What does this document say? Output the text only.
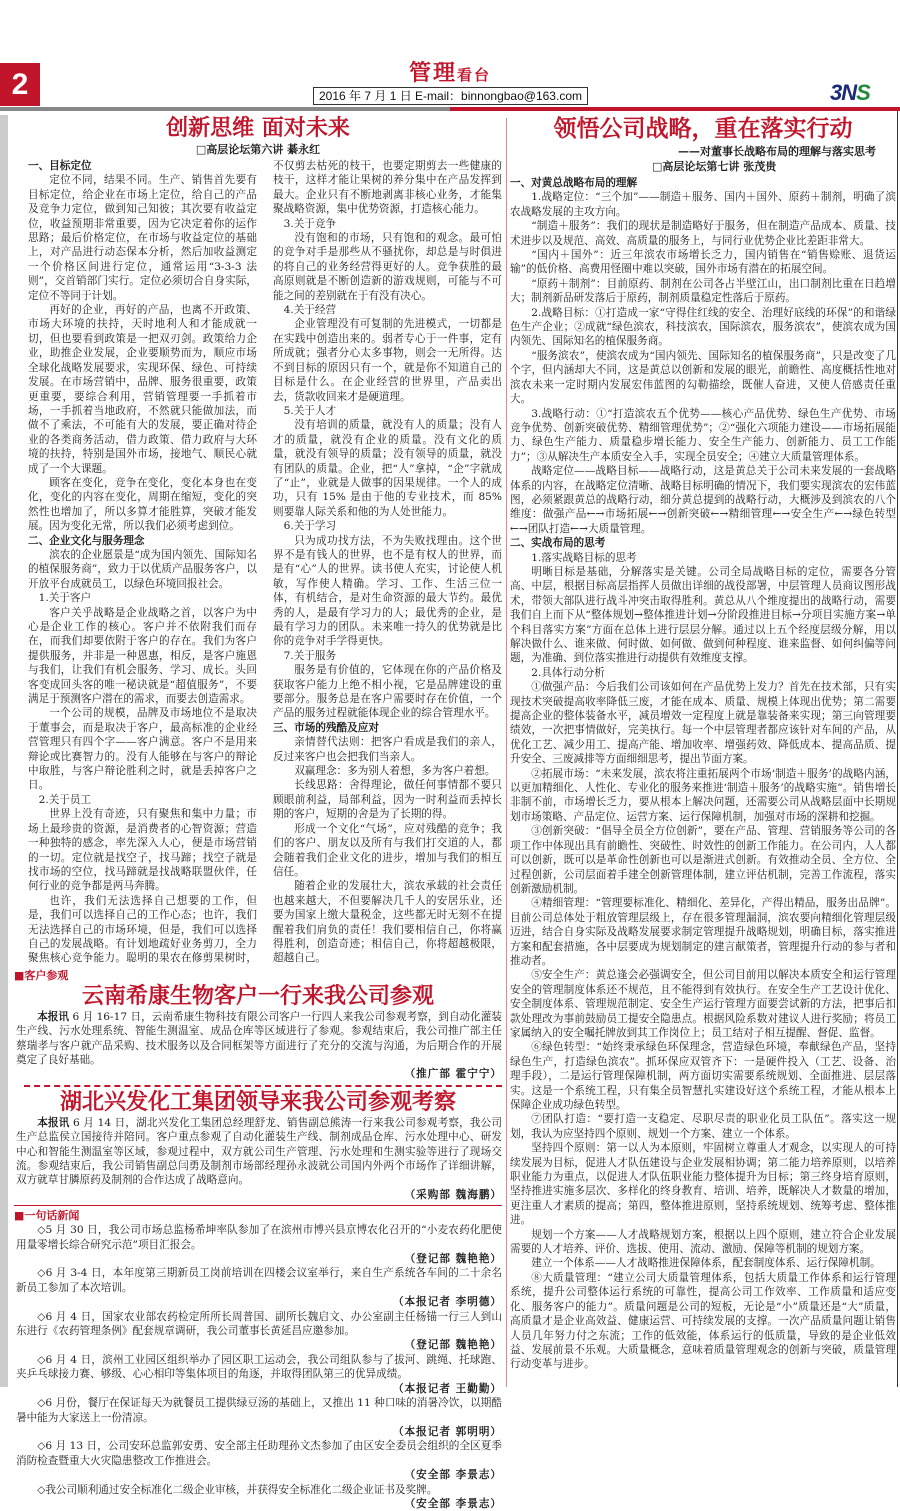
2	管理看台
2016 年 7 月 1 日 E-mail：binnongbao@163.com	3NS
创新思维 面对未来
□高层论坛第六讲 綦永红

一、目标定位

定位不同，结果不同。生产、销售首先要有目标定位，给企业在市场上定位，给自己的产品及竞争力定位，做到知己知彼；其次要有收益定位，收益预期非常重要，因为它决定着你的运作思路；最后价格定位，在市场与收益定位的基础上，对产品进行动态保本分析，然后加收益测定一个价格区间进行定位，通常运用“3-3-3 法则”，交首销部门实行。定位必须切合自身实际，定位不等同于计划。

再好的企业，再好的产品，也离不开政策、市场大环境的扶持，天时地利人和才能成就一切，但也要看到政策是一把双刃剑。政策给力企业，助推企业发展，企业要顺势而为，顺应市场全球化战略发展要求，实现环保、绿色、可持续发展。在市场营销中，品牌、服务很重要，政策更重要，要综合利用，营销管理要一手抓着市场，一手抓着当地政府，不然就只能做加法，而做不了乘法，不可能有大的发展，要正确对待企业的各类商务活动，借力政策、借力政府与大环境的扶持，特别是国外市场，接地气、顺民心就成了一个大课题。

顾客在变化，竞争在变化，变化本身也在变化，变化的内容在变化，周期在缩短，变化的突然性也增加了，所以多算才能胜算，突破才能发展。因为变化无常，所以我们必须考虑到位。

二、企业文化与服务理念

滨农的企业愿景是“成为国内领先、国际知名的植保服务商”，致力于以优质产品服务客户，以开放平台成就员工，以绿色环境回报社会。

1.关于客户

客户关乎战略是企业战略之首，以客户为中心是企业工作的核心。客户并不依附我们而存在，而我们却要依附于客户的存在。我们为客户提供服务，并非是一种恩惠，相反，是客户施恩与我们，让我们有机会服务、学习、成长。头回客变成回头客的唯一秘诀就是“超值服务”，不要满足于预测客户潜在的需求，而要去创造需求。

一个公司的规模，品牌及市场地位不是取决于董事会，而是取决于客户，最高标准的企业经营管理只有四个字——客户满意。客户不是用来辩论或比赛智力的。没有人能够在与客户的辩论中取胜，与客户辩论胜利之时，就是丢掉客户之日。

2.关于员工

世界上没有奇迹，只有聚焦和集中力量；市场上最珍贵的资源，是消费者的心智资源；营造一种独特的感念，率先深入人心，便是市场营销的一切。定位就是找空子，找马蹄；找空子就是找市场的空位，找马蹄就是找战略联盟伙伴，任何行业的竞争都是两马奔腾。

也许，我们无法选择自己想要的工作，但是，我们可以选择自己的工作心态；也许，我们无法选择自己的市场环境，但是，我们可以选择自己的发展战略。有计划地疏好业务剪刀，全力聚焦核心竞争能力。聪明的果农在修剪果树时，不仅剪去枯死的枝干，也要定期剪去一些健康的枝干，这样才能让果树的养分集中在产品发挥到最大。企业只有不断地剥离非核心业务，才能集聚战略资源，集中优势资源，打造核心能力。

3.关于竞争

没有饱和的市场，只有饱和的观念。最可怕的竞争对手是那些从不骚扰你，却总是与时俱进的将自己的业务经营得更好的人。竞争获胜的最高原则就是不断创造新的游戏规则，可能与不可能之间的差别就在于有没有决心。

4.关于经营

企业管理没有可复制的先进模式，一切都是在实践中创造出来的。弱者专心于一件事，定有所成就；强者分心太多事物，则会一无所得。达不到目标的原因只有一个，就是你不知道自己的目标是什么。在企业经营的世界里，产品卖出去，货款收回来才是硬道理。

5.关于人才

没有培训的质量，就没有人的质量；没有人才的质量，就没有企业的质量。没有文化的质量，就没有领导的质量；没有领导的质量，就没有团队的质量。企业，把“人”拿掉，“企”字就成了“止”，业就是人做事的因果规律。一个人的成功，只有 15% 是由于他的专业技术，而 85% 则要靠人际关系和他的为人处世能力。

6.关于学习

只为成功找方法，不为失败找理由。这个世界不是有钱人的世界，也不是有权人的世界，而是有“心”人的世界。读书使人充实，讨论使人机敏，写作使人精确。学习、工作、生活三位一体，有机结合，是对生命资源的最大节约。最优秀的人，是最有学习力的人；最优秀的企业，是最有学习力的团队。未来唯一持久的优势就是比你的竞争对手学得更快。

7.关于服务

服务是有价值的，它体现在你的产品价格及获取客户能力上绝不相小视，它是品牌建设的重要部分。服务总是在客户需要时存在价值，一个产品的服务过程就能体现企业的综合管理水平。

三、市场的残酷及应对

亲情替代法则：把客户看成是我们的亲人，反过来客户也会把我们当亲人。

双赢理念：多为别人着想，多为客户着想。

长线思路：舍得理论，做任何事情都不要只顾眼前利益，局部利益，因为一时利益而丢掉长期的客户，短期的舍是为了长期的得。

形成一个文化“气场”，应对残酷的竞争；我们的客户、朋友以及所有与我们打交道的人，都会随着我们企业文化的进步，增加与我们的相互信任。

随着企业的发展壮大，滨农承载的社会责任也越来越大，不但要解决几千人的安居乐业，还要为国家上缴大量税金，这些都无时无刻不在提醒着我们肩负的责任！我们要相信自己，你将赢得胜利，创造奇迹；相信自己，你将超越极限，超越自己。

■客户参观
云南希康生物客户一行来我公司参观

本报讯 6 月 16-17 日，云南希康生物科技有限公司客户一行四人来我公司参观考察，到自动化灌装生产线、污水处理系统、智能生测温室、成品仓库等区域进行了参观。参观结束后，我公司推广部主任蔡瑞孝与客户就产品采购、技术服务以及合同框架等方面进行了充分的交流与沟通，为后期合作的开展奠定了良好基础。

（推广部 霍宁宁）
湖北兴发化工集团领导来我公司参观考察

本报讯 6 月 14 日，湖北兴发化工集团总经理舒龙、销售副总熊涛一行来我公司参观考察，我公司生产总监侯立国接待并陪同。客户重点参观了自动化灌装生产线、制剂成品仓库、污水处理中心、研发中心和智能生测温室等区域，参观过程中，双方就公司生产管理、污水处理和生测实验等进行了现场交流。参观结束后，我公司销售副总闫勇及制剂市场部经理孙永波就公司国内外两个市场作了详细讲解，双方就草甘膦原药及制剂的合作达成了战略意向。

（采购部 魏海鹏）
■一句话新闻

◇5 月 30 日，我公司市场总监杨希坤率队参加了在滨州市博兴县京博农化召开的“小麦农药化肥使用量零增长综合研究示范”项目汇报会。

（登记部 魏艳艳）

◇6 月 3-4 日，本年度第三期新员工岗前培训在四楼会议室举行，来自生产系统各车间的二十余名新员工参加了本次培训。

（本报记者 李明德）

◇6 月 4 日，国家农业部农药检定所所长周普国、副所长魏启文、办公室副主任杨锚一行三人到山东进行《农药管理条例》配套规章调研，我公司董事长黄延昌应邀参加。

（登记部 魏艳艳）

◇6 月 4 日，滨州工业园区组织举办了园区职工运动会，我公司组队参与了拔河、跳绳、托球跑、夹乒乓球接力赛、够级、心心相印等集体项目的角逐，并取得团队第三的优异成绩。

（本报记者 王勤勤）

◇6 月份，餐厅在保证每天为就餐员工提供绿豆汤的基础上，又推出 11 种口味的消暑冷饮，以期酷暑中能为大家送上一份清凉。

（本报记者 郭明明）

◇6 月 13 日，公司安环总监郭安勇、安全部主任助理孙文杰参加了由区安全委员会组织的全区夏季消防检查暨重大火灾隐患整改工作推进会。

（安全部 李景志）

◇我公司顺利通过安全标准化二级企业审核，并获得安全标准化二级企业证书及奖牌。

（安全部 李景志）
领悟公司战略，重在落实行动
——对董事长战略布局的理解与落实思考
□高层论坛第七讲 张茂贵

一、对黄总战略布局的理解

1.战略定位：“三个加”——制造＋服务、国内＋国外、原药＋制剂，明确了滨农战略发展的主攻方向。

“制造＋服务”：我们的现状是制造略好于服务，但在制造产品成本、质量、技术进步以及规范、高效、高质量的服务上，与同行业优势企业比差距非常大。

“国内＋国外”：近三年滨农市场增长乏力，国内销售在“销售赊账、退货运输”的低价格、高费用怪圈中难以突破，国外市场有潜在的拓展空间。

“原药＋制剂”：目前原药、制剂在公司各占半壁江山，出口制剂比重在日趋增大；制剂新品研发落后于原药，制剂质量稳定性落后于原药。

2.战略目标：①打造成一家“守得住红线的安全、治理好底线的环保”的和谐绿色生产企业；②成就“绿色滨农，科技滨农，国际滨农，服务滨农”，使滨农成为国内领先、国际知名的植保服务商。

“服务滨农”，使滨农成为“国内领先、国际知名的植保服务商”，只是改变了几个字，但内涵却大不同，这是黄总以创新和发展的眼光，前瞻性、高度概括性地对滨农未来一定时期内发展宏伟蓝图的勾勒描绘，既催人奋进，又使人倍感责任重大。

3.战略行动：①“打造滨农五个优势——核心产品优势、绿色生产优势、市场竞争优势、创新突破优势、精细管理优势”；②“强化六项能力建设——市场拓展能力、绿色生产能力、质量稳步增长能力、安全生产能力、创新能力、员工工作能力”；③从解决生产本质安全入手，实现全员安全；④建立大质量管理体系。

战略定位——战略目标——战略行动，这是黄总关于公司未来发展的一套战略体系的内容，在战略定位清晰、战略目标明确的情况下，我们要实现滨农的宏伟蓝图，必须紧跟黄总的战略行动，细分黄总提到的战略行动，大概涉及到滨农的八个维度：做强产品←→市场拓展←→创新突破←→精细管理←→安全生产←→绿色转型←→团队打造←→大质量管理。

二、实战布局的思考

1.落实战略目标的思考

明晰目标是基础，分解落实是关键。公司全局战略目标的定位，需要各分管高、中层，根据目标高层指挥人员做出详细的战役部署，中层管理人员商议图形战术，带领大部队进行战斗冲突击取得胜利。黄总从八个维度提出的战略行动，需要我们自上而下从“整体规划→整体推进计划→分阶段推进目标→分项目实施方案→单个科目落实方案”方面在总体上进行层层分解。通过以上五个经度层级分解，用以解决做什么、谁来做、何时做、如何做、做到何种程度、谁来监督、如何纠偏等问题，为准确、到位落实推进行动提供有效维度支撑。

2.具体行动分析

①做强产品：今后我们公司该如何在产品优势上发力？首先在技术部，只有实现技术突破提高收率降低三废，才能在成本、质量、规模上体现出优势；第二需要提高企业的整体装备水平，减员增效一定程度上就是靠装备来实现；第三向管理要绩效，一次把事情做好，完美执行。每一个中层管理者都应该针对车间的产品，从优化工艺、减少用工、提高产能、增加收率、增强药效、降低成本、提高品质、提升安全、三废减排等方面细细思考，提出节面方案。

②拓展市场：“未来发展，滨农将注重拓展两个市场‘制造＋服务’的战略内涵，以更加精细化、人性化、专业化的服务来推进‘制造＋服务’的战略实施”。销售增长非制不前，市场增长乏力，要从根本上解决问题，还需要公司从战略层面中长期规划市场策略、产品定位、运营方案、运行保障机制，加强对市场的深耕和挖掘。

③创新突破：“倡导全员全方位创新”，要在产品、管理、营销服务等公司的各项工作中体现出具有前瞻性、突破性、时效性的创新工作能力。在公司内，人人都可以创新，既可以是革命性创新也可以是渐进式创新。有效推动全员、全方位、全过程创新，公司层面着手建全创新管理体制，建立评估机制，完善工作流程，落实创新激励机制。

④精细管理：“管理要标准化、精细化、差异化，产得出精品，服务出品牌”。目前公司总体处于粗放管理层级上，存在很多管理漏洞，滨农要向精细化管理层级迈进，结合自身实际及战略发展要求制定管理提升战略规划，明确目标，落实推进方案和配套措施，各中层要成为规划制定的建言献策者，管理提升行动的参与者和推动者。

⑤安全生产：黄总逢会必强调安全，但公司目前用以解决本质安全和运行管理安全的管理制度体系还不规范，且不能得到有效执行。在安全生产工艺设计优化、安全制度体系、管理规范制定、安全生产运行管理方面要尝试新的方法，把事后扣款处理改为事前鼓励员工提安全隐患点。根据风险系数对建议人进行奖励；将员工家属纳入的安全嘱托牌放到其工作岗位上；员工结对子相互提醒、督促、监督。

⑥绿色转型：“始终秉承绿色环保理念，营造绿色环境，奉献绿色产品，坚持绿色生产，打造绿色滨农”。抓环保应双管齐下：一是硬件投入（工艺、设备、治理手段），二是运行管理保障机制，两方面切实需要系统规划、全面推进、层层落实。这是一个系统工程，只有集全员智慧扎实建设好这个系统工程，才能从根本上保障企业成功绿色转型。

⑦团队打造：“要打造一支稳定、尽职尽责的职业化员工队伍”。落实这一规划，我认为应坚持四个原则、规划一个方案、建立一个体系。

坚持四个原则：第一以人为本原则，牢固树立尊重人才观念，以实现人的可持续发展为目标，促进人才队伍建设与企业发展相协调；第二能力培养原则，以培养职业能力为重点，以促进人才队伍职业能力整体提升为目标；第三终身培育原则，坚持推进实施多层次、多样化的终身教育、培训、培养，既解决人才数量的增加，更注重人才素质的提高；第四，整体推进原则，坚持系统规划、统筹考虑、整体推进。

规划一个方案——人才战略规划方案，根据以上四个原则，建立符合企业发展需要的人才培养、评价、选拔、使用、流动、激励、保障等机制的规划方案。

建立一个体系——人才战略推进保障体系，配套制度体系、运行保障机制。

⑧大质量管理：“建立公司大质量管理体系，包括大质量工作体系和运行管理系统，提升公司整体运行系统的可靠性，提高公司工作效率、工作质量和适应变化、服务客户的能力”。质量问题是公司的短板，无论是“小”质量还是“大”质量，高质量才是企业高效益、健康运营、可持续发展的支撑。一次产品质量问题让销售人员几年努力付之东流；工作的低效能，体系运行的低质量，导致的是企业低效益、发展前景不乐观。大质量概念，意味着质量管理观念的创新与突破，质量管理行动变革与进步。
